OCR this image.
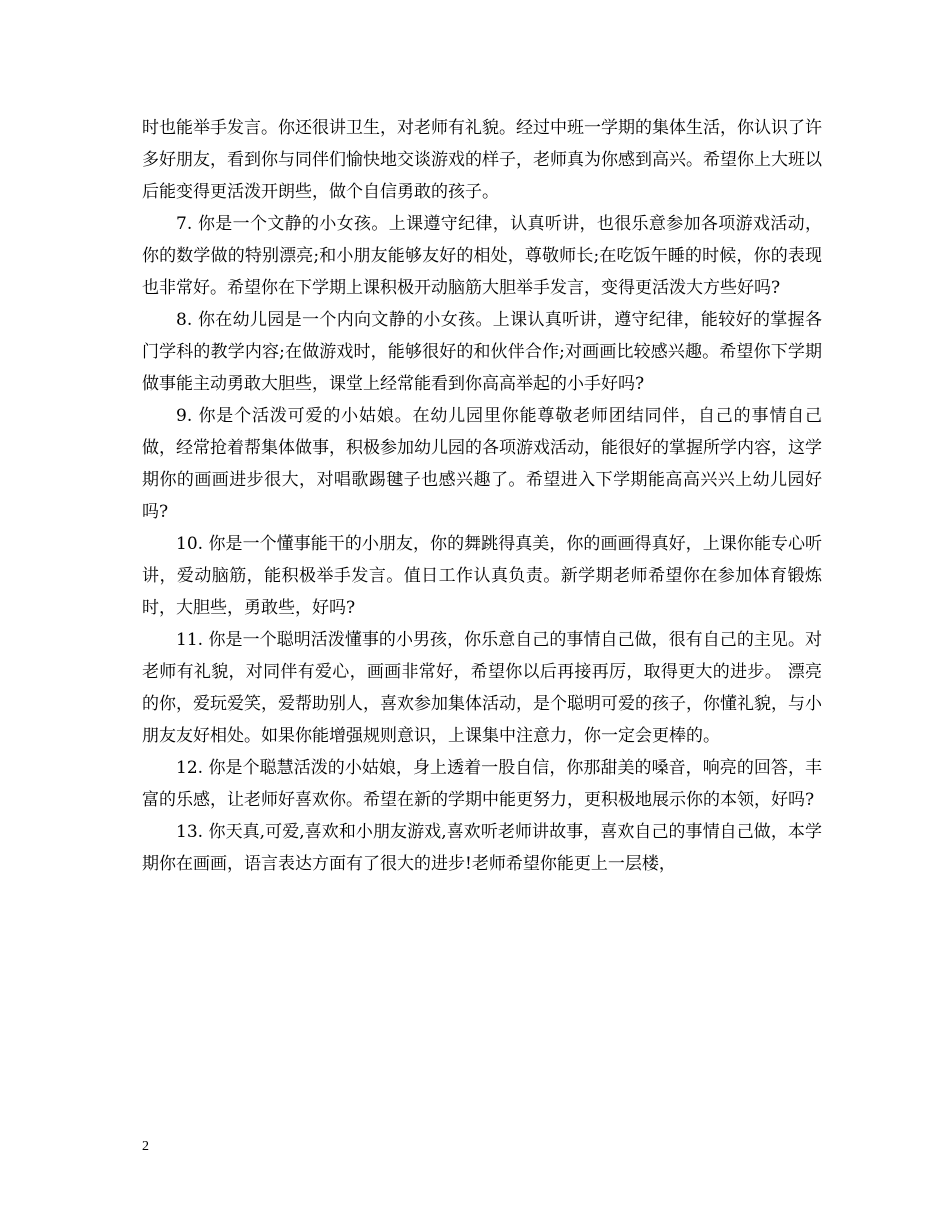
时也能举手发言。你还很讲卫生，对老师有礼貌。经过中班一学期的集体生活，你认识了许多好朋友，看到你与同伴们愉快地交谈游戏的样子，老师真为你感到高兴。希望你上大班以后能变得更活泼开朗些，做个自信勇敢的孩子。

7. 你是一个文静的小女孩。上课遵守纪律，认真听讲，也很乐意参加各项游戏活动，你的数学做的特别漂亮;和小朋友能够友好的相处，尊敬师长;在吃饭午睡的时候，你的表现也非常好。希望你在下学期上课积极开动脑筋大胆举手发言，变得更活泼大方些好吗?

8. 你在幼儿园是一个内向文静的小女孩。上课认真听讲，遵守纪律，能较好的掌握各门学科的教学内容;在做游戏时，能够很好的和伙伴合作;对画画比较感兴趣。希望你下学期做事能主动勇敢大胆些，课堂上经常能看到你高高举起的小手好吗?

9. 你是个活泼可爱的小姑娘。在幼儿园里你能尊敬老师团结同伴，自己的事情自己做，经常抢着帮集体做事，积极参加幼儿园的各项游戏活动，能很好的掌握所学内容，这学期你的画画进步很大，对唱歌踢毽子也感兴趣了。希望进入下学期能高高兴兴上幼儿园好吗?

10. 你是一个懂事能干的小朋友，你的舞跳得真美，你的画画得真好，上课你能专心听讲，爱动脑筋，能积极举手发言。值日工作认真负责。新学期老师希望你在参加体育锻炼时，大胆些，勇敢些，好吗?

11. 你是一个聪明活泼懂事的小男孩，你乐意自己的事情自己做，很有自己的主见。对老师有礼貌，对同伴有爱心，画画非常好，希望你以后再接再厉，取得更大的进步。 漂亮的你，爱玩爱笑，爱帮助别人，喜欢参加集体活动，是个聪明可爱的孩子，你懂礼貌，与小朋友友好相处。如果你能增强规则意识，上课集中注意力，你一定会更棒的。

12. 你是个聪慧活泼的小姑娘，身上透着一股自信，你那甜美的嗓音，响亮的回答，丰富的乐感，让老师好喜欢你。希望在新的学期中能更努力，更积极地展示你的本领，好吗?

13. 你天真,可爱,喜欢和小朋友游戏,喜欢听老师讲故事，喜欢自己的事情自己做，本学期你在画画，语言表达方面有了很大的进步!老师希望你能更上一层楼，

2
